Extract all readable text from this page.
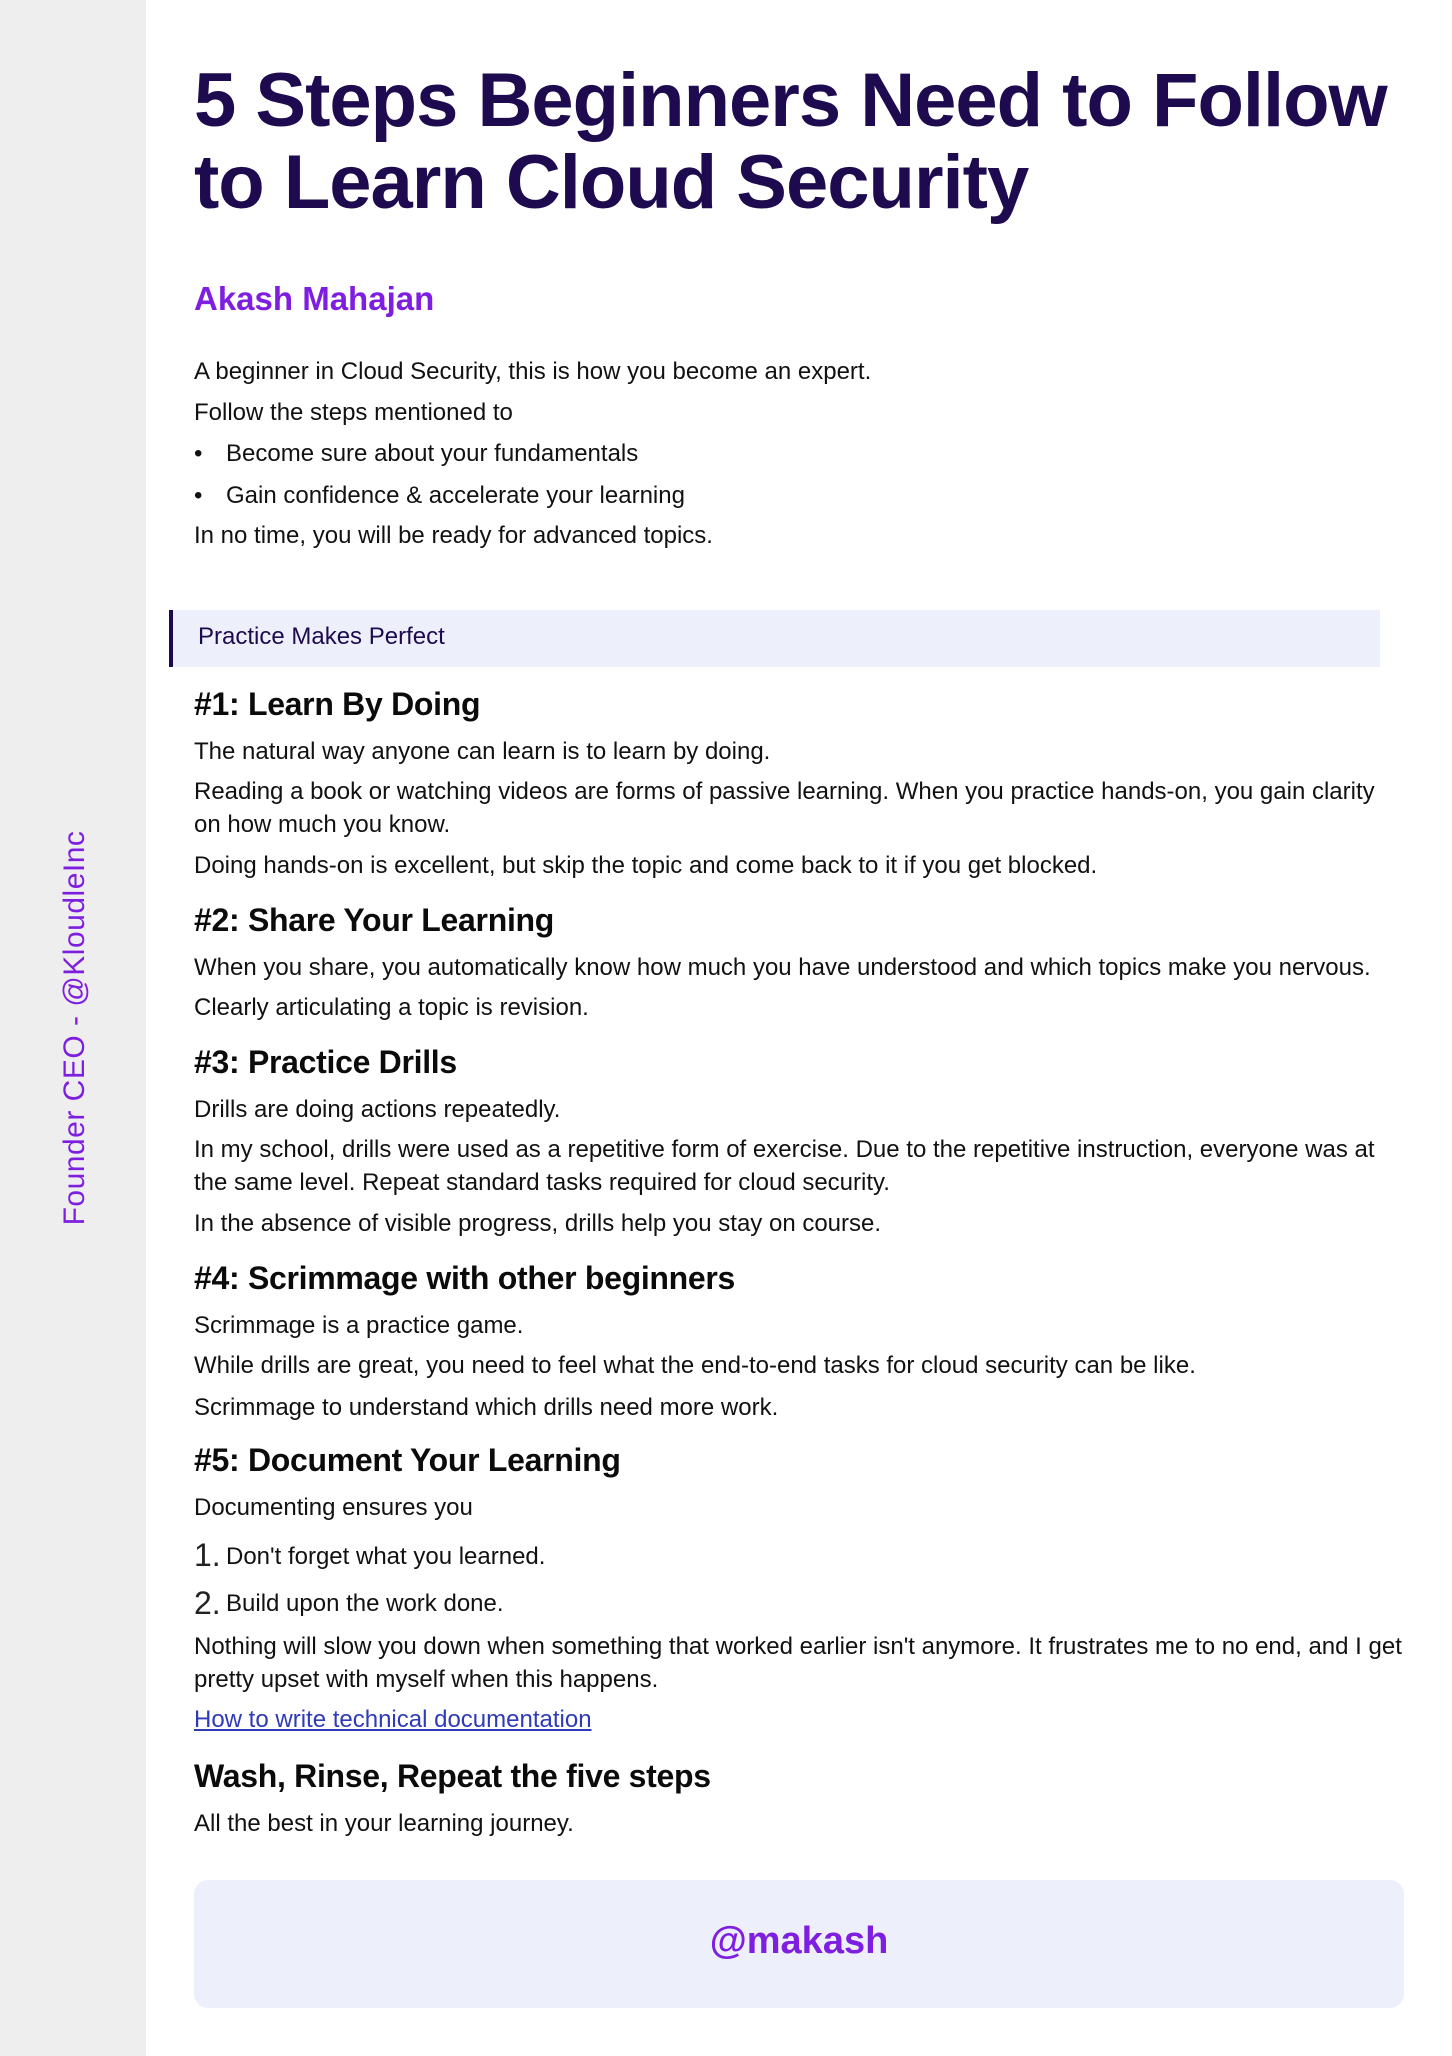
Founder CEO - @KloudleInc
5 Steps Beginners Need to Follow to Learn Cloud Security
Akash Mahajan
A beginner in Cloud Security, this is how you become an expert.
Follow the steps mentioned to
• Become sure about your fundamentals
• Gain confidence & accelerate your learning
In no time, you will be ready for advanced topics.
Practice Makes Perfect
#1: Learn By Doing
The natural way anyone can learn is to learn by doing.
Reading a book or watching videos are forms of passive learning. When you practice hands-on, you gain clarity on how much you know.
Doing hands-on is excellent, but skip the topic and come back to it if you get blocked.
#2: Share Your Learning
When you share, you automatically know how much you have understood and which topics make you nervous.
Clearly articulating a topic is revision.
#3: Practice Drills
Drills are doing actions repeatedly.
In my school, drills were used as a repetitive form of exercise. Due to the repetitive instruction, everyone was at the same level. Repeat standard tasks required for cloud security.
In the absence of visible progress, drills help you stay on course.
#4: Scrimmage with other beginners
Scrimmage is a practice game.
While drills are great, you need to feel what the end-to-end tasks for cloud security can be like.
Scrimmage to understand which drills need more work.
#5: Document Your Learning
Documenting ensures you
1. Don't forget what you learned.
2. Build upon the work done.
Nothing will slow you down when something that worked earlier isn't anymore. It frustrates me to no end, and I get pretty upset with myself when this happens.
How to write technical documentation
Wash, Rinse, Repeat the five steps
All the best in your learning journey.
@makash
